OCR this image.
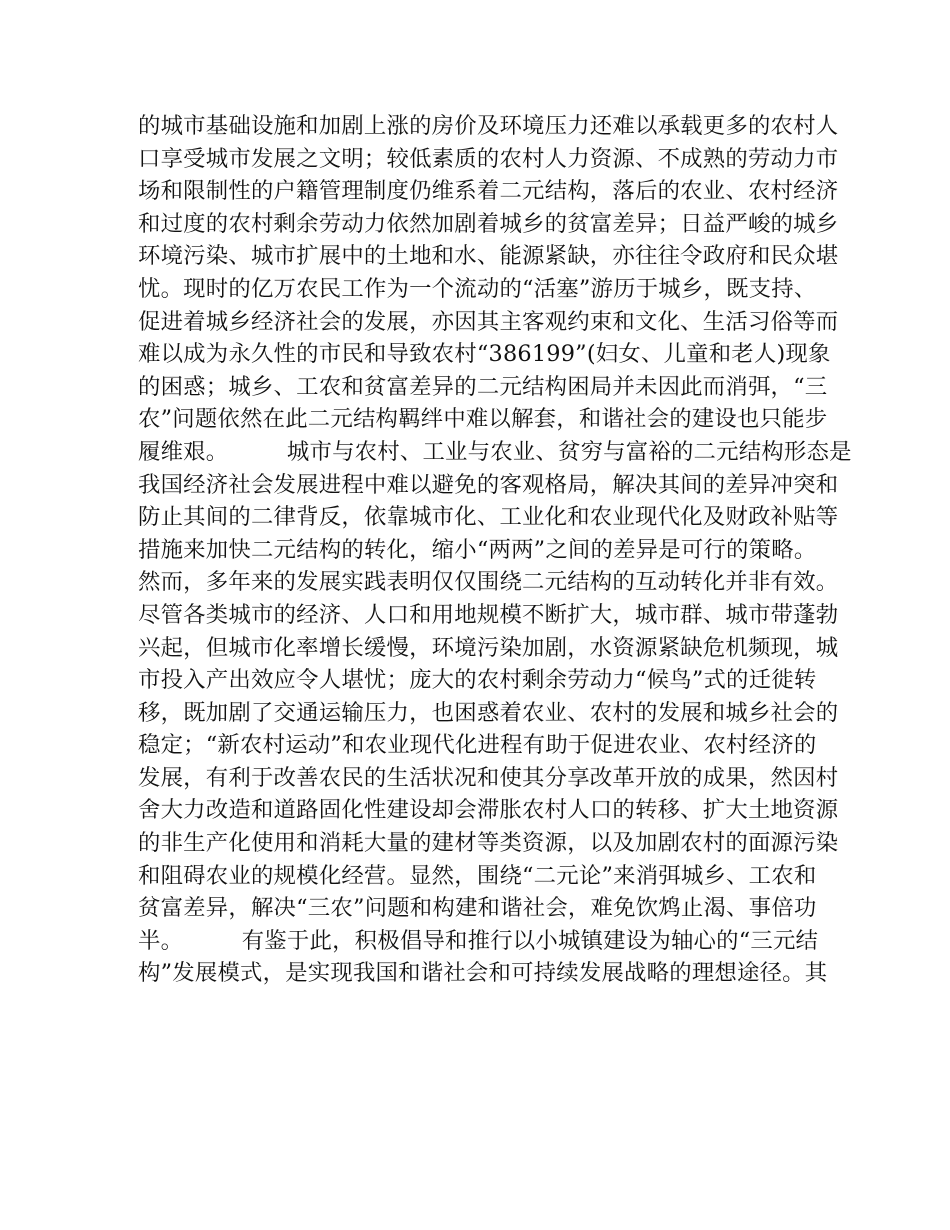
的城市基础设施和加剧上涨的房价及环境压力还难以承载更多的农村人
口享受城市发展之文明；较低素质的农村人力资源、不成熟的劳动力市
场和限制性的户籍管理制度仍维系着二元结构，落后的农业、农村经济
和过度的农村剩余劳动力依然加剧着城乡的贫富差异；日益严峻的城乡
环境污染、城市扩展中的土地和水、能源紧缺，亦往往令政府和民众堪
忧。现时的亿万农民工作为一个流动的“活塞”游历于城乡，既支持、
促进着城乡经济社会的发展，亦因其主客观约束和文化、生活习俗等而
难以成为永久性的市民和导致农村“386199”(妇女、儿童和老人)现象
的困惑；城乡、工农和贫富差异的二元结构困局并未因此而消弭，“三
农”问题依然在此二元结构羁绊中难以解套，和谐社会的建设也只能步
履维艰。        城市与农村、工业与农业、贫穷与富裕的二元结构形态是
我国经济社会发展进程中难以避免的客观格局，解决其间的差异冲突和
防止其间的二律背反，依靠城市化、工业化和农业现代化及财政补贴等
措施来加快二元结构的转化，缩小“两两”之间的差异是可行的策略。
然而，多年来的发展实践表明仅仅围绕二元结构的互动转化并非有效。
尽管各类城市的经济、人口和用地规模不断扩大，城市群、城市带蓬勃
兴起，但城市化率增长缓慢，环境污染加剧，水资源紧缺危机频现，城
市投入产出效应令人堪忧；庞大的农村剩余劳动力“候鸟”式的迁徙转
移，既加剧了交通运输压力，也困惑着农业、农村的发展和城乡社会的
稳定；“新农村运动”和农业现代化进程有助于促进农业、农村经济的
发展，有利于改善农民的生活状况和使其分享改革开放的成果，然因村
舍大力改造和道路固化性建设却会滞胀农村人口的转移、扩大土地资源
的非生产化使用和消耗大量的建材等类资源，以及加剧农村的面源污染
和阻碍农业的规模化经营。显然，围绕“二元论”来消弭城乡、工农和
贫富差异，解决“三农”问题和构建和谐社会，难免饮鸩止渴、事倍功
半。        有鉴于此，积极倡导和推行以小城镇建设为轴心的“三元结
构”发展模式，是实现我国和谐社会和可持续发展战略的理想途径。其
